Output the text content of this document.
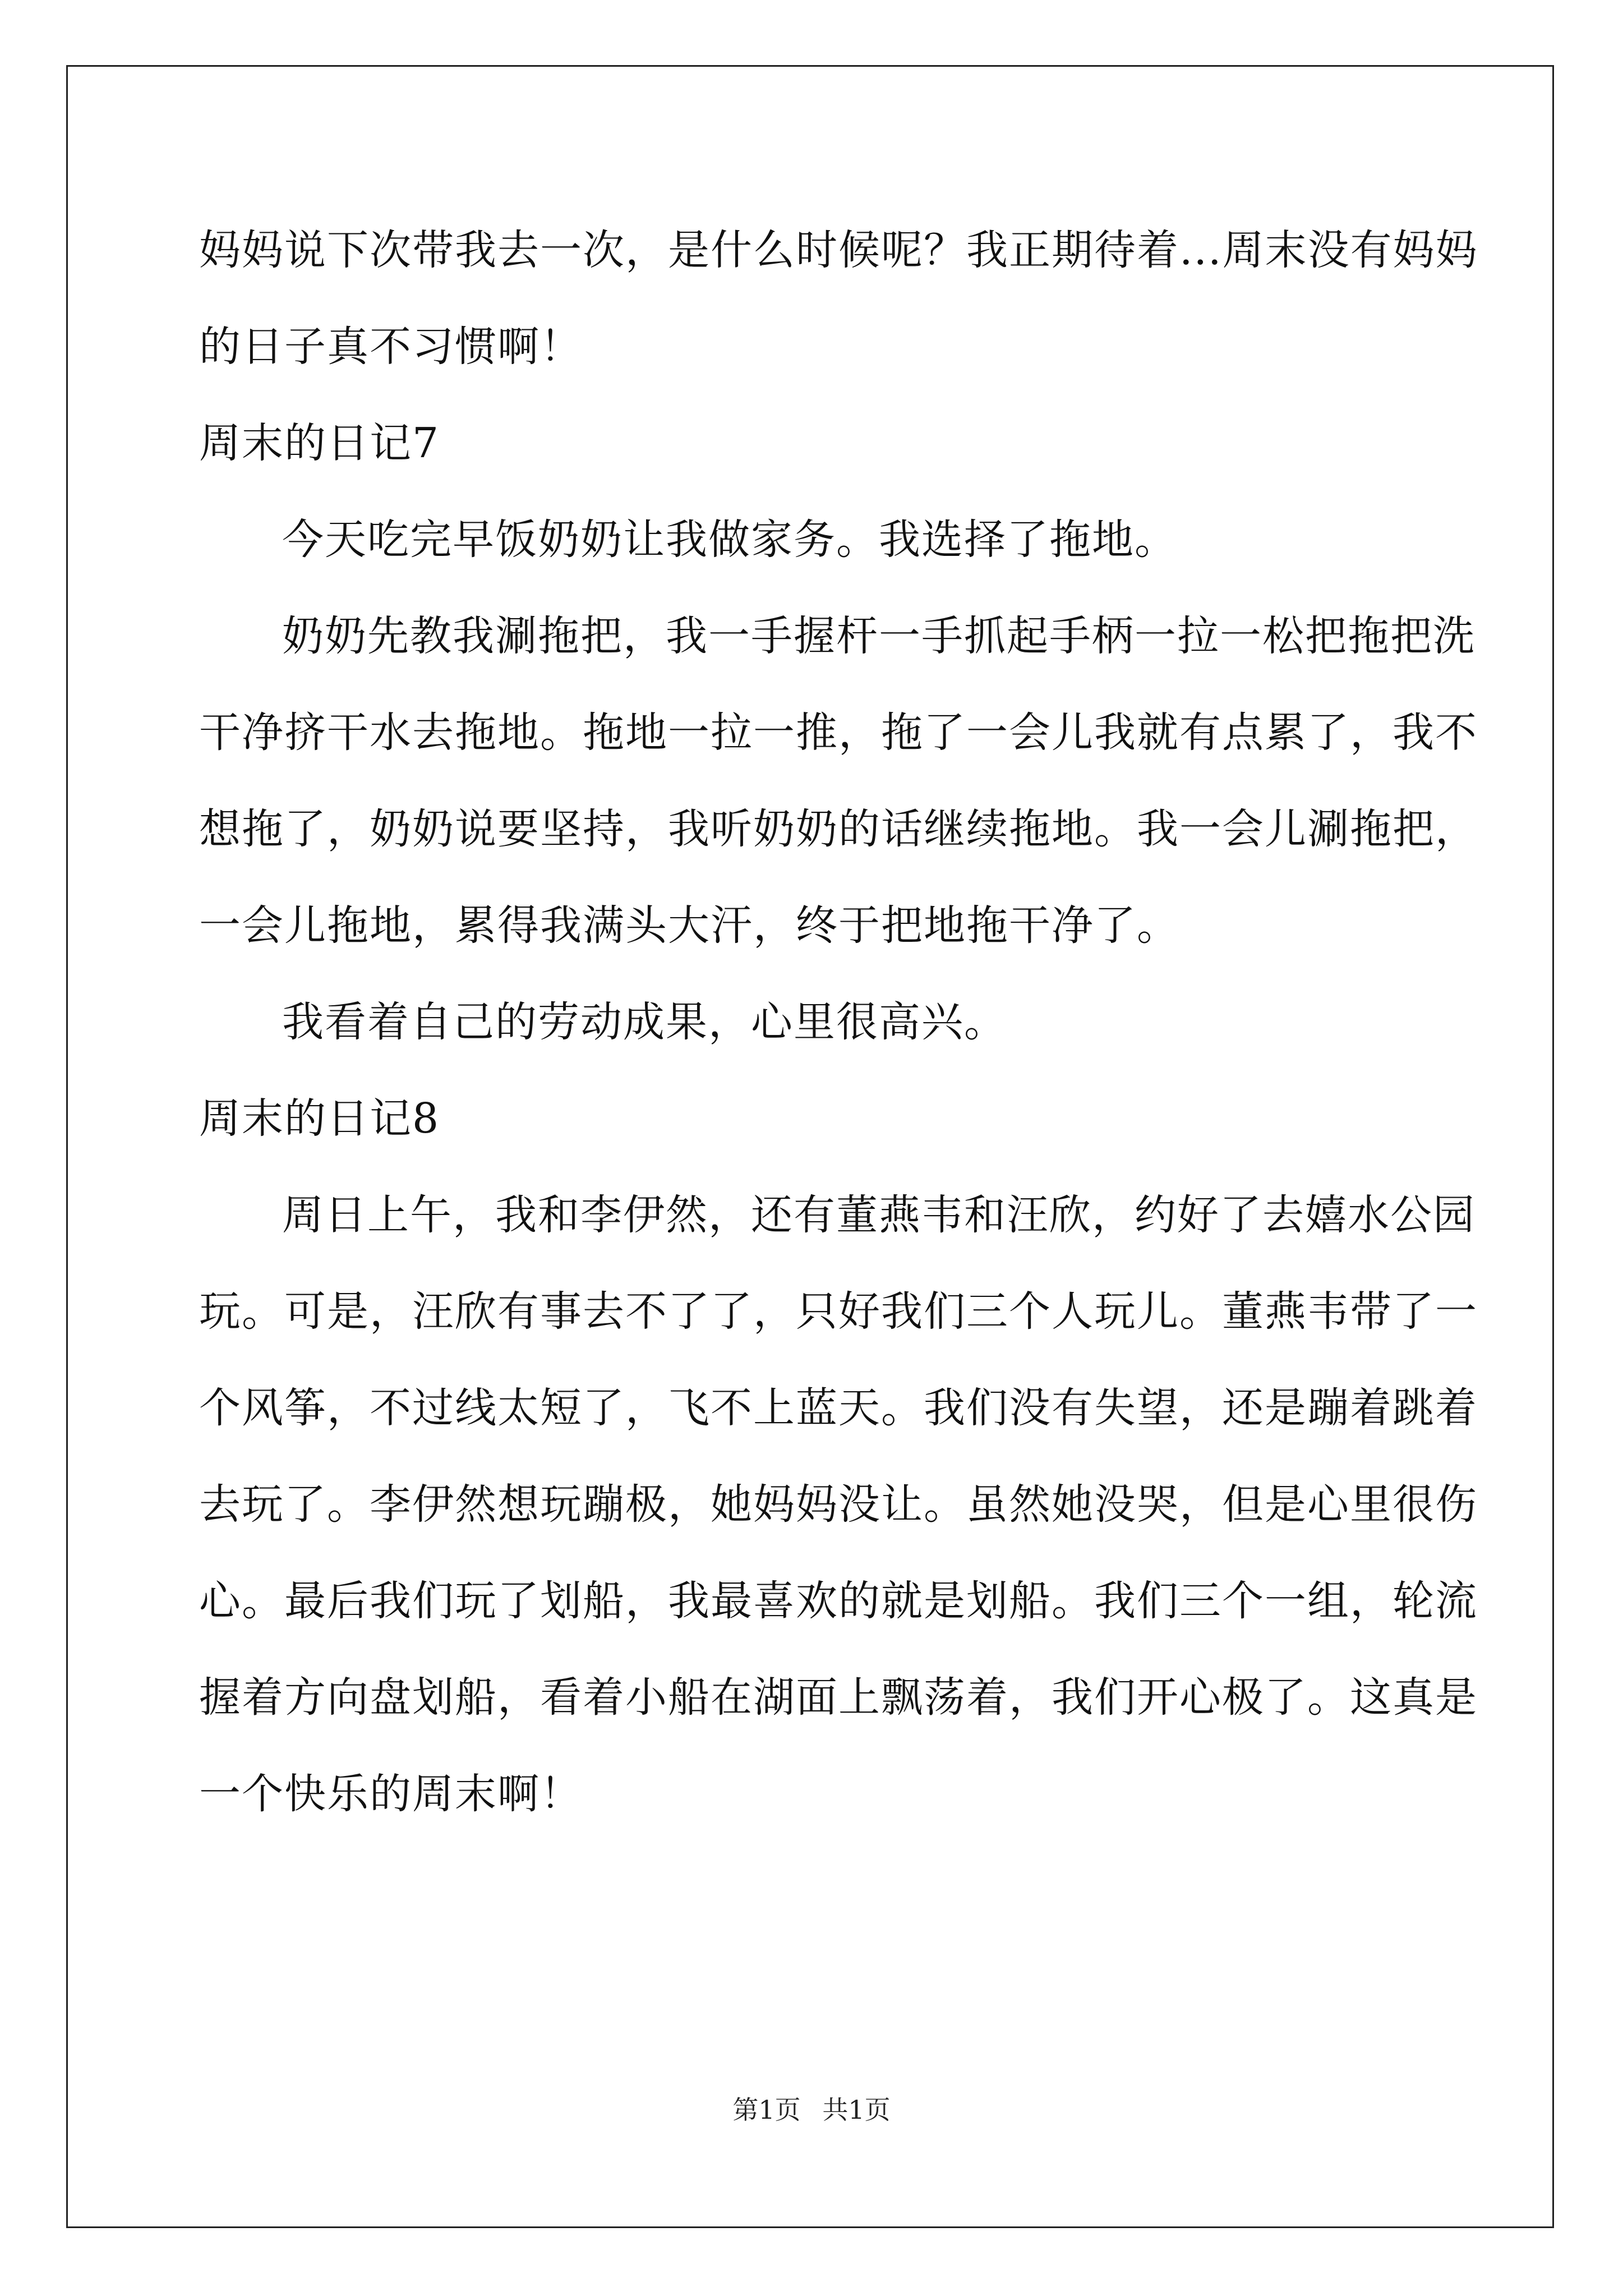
妈妈说下次带我去一次，是什么时候呢？我正期待着...周末没有妈妈
的日子真不习惯啊！
周末的日记7
今天吃完早饭奶奶让我做家务。我选择了拖地。
奶奶先教我涮拖把，我一手握杆一手抓起手柄一拉一松把拖把洗
干净挤干水去拖地。拖地一拉一推，拖了一会儿我就有点累了，我不
想拖了，奶奶说要坚持，我听奶奶的话继续拖地。我一会儿涮拖把，
一会儿拖地，累得我满头大汗，终于把地拖干净了。
我看着自己的劳动成果，心里很高兴。
周末的日记8
周日上午，我和李伊然，还有董燕韦和汪欣，约好了去嬉水公园
玩。可是，汪欣有事去不了了，只好我们三个人玩儿。董燕韦带了一
个风筝，不过线太短了，飞不上蓝天。我们没有失望，还是蹦着跳着
去玩了。李伊然想玩蹦极，她妈妈没让。虽然她没哭，但是心里很伤
心。最后我们玩了划船，我最喜欢的就是划船。我们三个一组，轮流
握着方向盘划船，看着小船在湖面上飘荡着，我们开心极了。这真是
一个快乐的周末啊！
第1页 共1页
